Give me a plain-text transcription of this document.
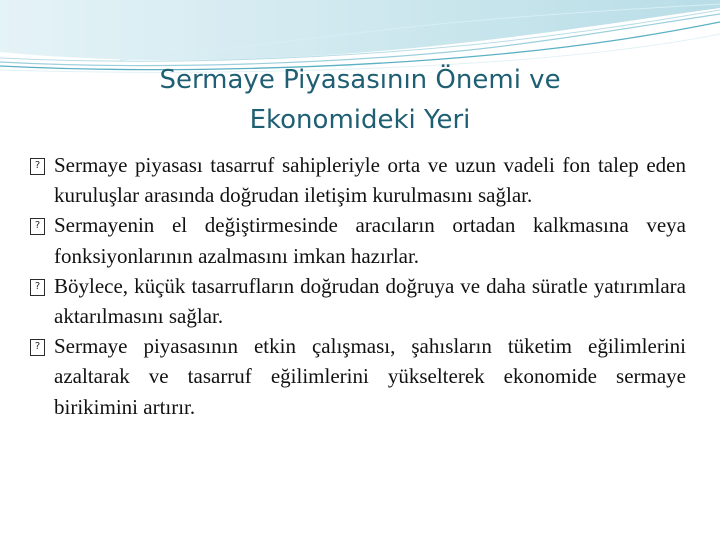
Sermaye Piyasasının Önemi ve
Ekonomideki Yeri

? Sermaye piyasası tasarruf sahipleriyle orta ve uzun vadeli fon talep eden kuruluşlar arasında doğrudan iletişim kurulmasını sağlar.

? Sermayenin el değiştirmesinde aracıların ortadan kalkmasına veya fonksiyonlarının azalmasını imkan hazırlar.

? Böylece, küçük tasarrufların doğrudan doğruya ve daha süratle yatırımlara aktarılmasını sağlar.

? Sermaye piyasasının etkin çalışması, şahısların tüketim eğilimlerini azaltarak ve tasarruf eğilimlerini yükselterek ekonomide sermaye birikimini artırır.
